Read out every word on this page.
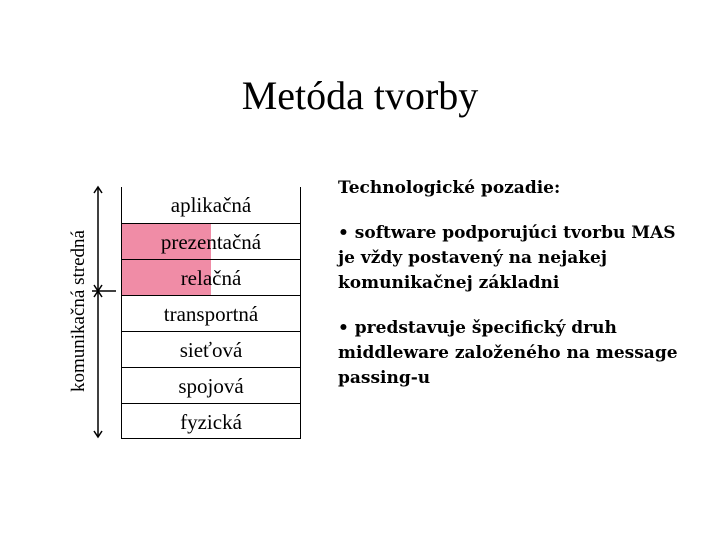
Metóda tvorby
komunikačná stredná
aplikačná
prezentačná
relačná
transportná
sieťová
spojová
fyzická
Technologické pozadie:
• software podporujúci tvorbu MAS je vždy postavený na nejakej komunikačnej základni
• predstavuje špecifický druh middleware založeného na message passing-u
